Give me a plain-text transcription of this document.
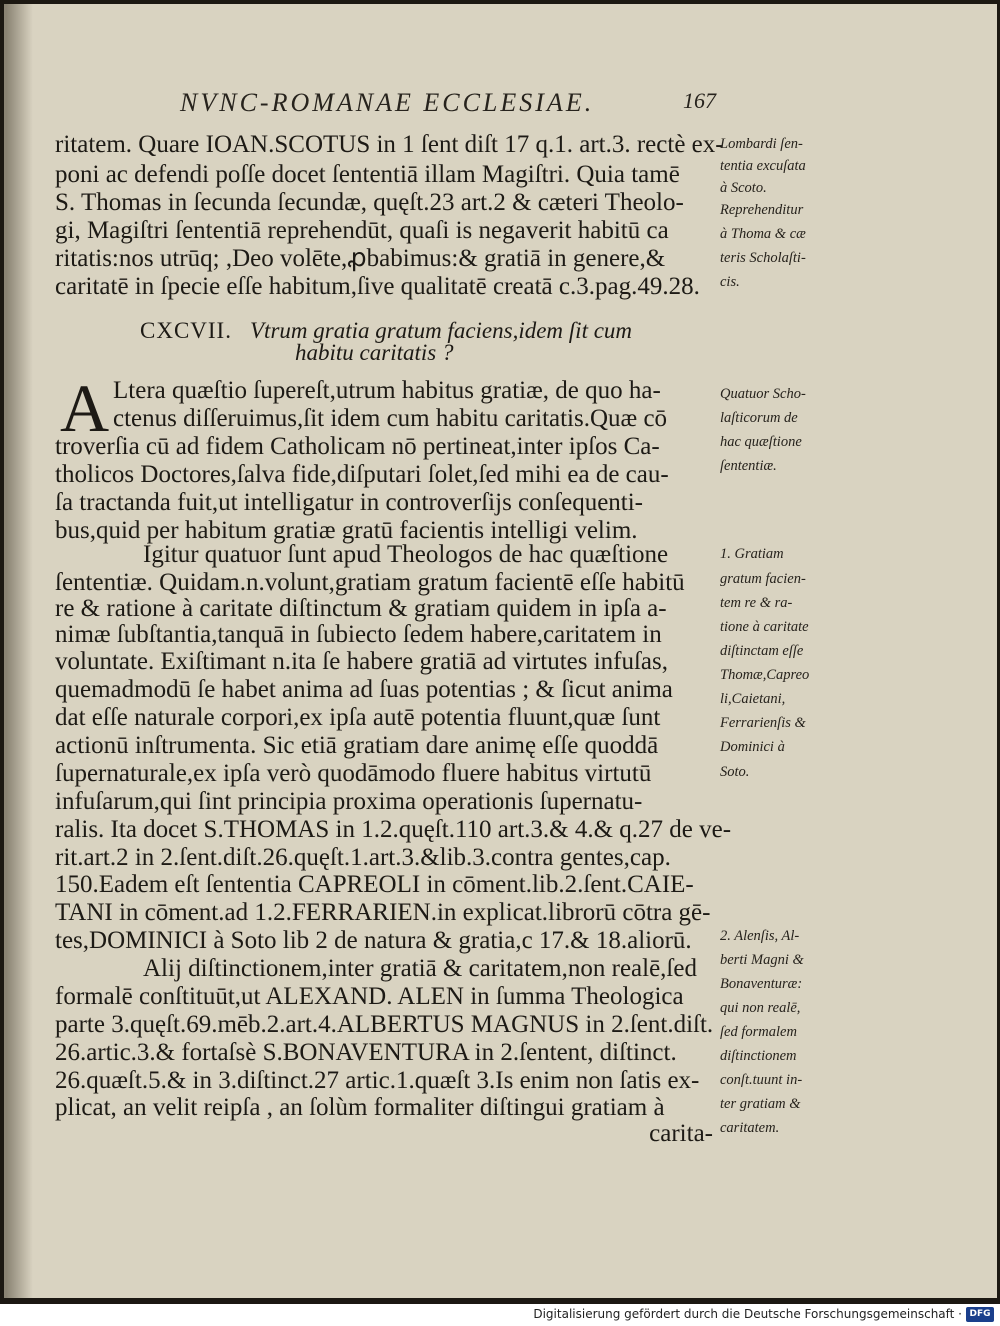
NVNC-ROMANAE ECCLESIAE.	167
CXCVII. Vtrum gratia gratum faciens,idem ſit cum
habitu caritatis ?
A
ritatem. Quare IOAN.SCOTUS in 1 ſent diſt 17 q.1. art.3. rectè ex-
poni ac defendi poſſe docet ſententiā illam Magiſtri. Quia tamē
S. Thomas in ſecunda ſecundæ, quęſt.23 art.2 & cæteri Theolo-
gi, Magiſtri ſententiā reprehendūt, quaſi is negaverit habitū ca
ritatis:nos utrūq; ,Deo volēte,ꝓbabimus:& gratiā in genere,&
caritatē in ſpecie eſſe habitum,ſive qualitatē creatā c.3.pag.49.28.
Ltera quæſtio ſupereſt,utrum habitus gratiæ, de quo ha-
ctenus diſſeruimus,ſit idem cum habitu caritatis.Quæ cō
troverſia cū ad fidem Catholicam nō pertineat,inter ipſos Ca-
tholicos Doctores,ſalva fide,diſputari ſolet,ſed mihi ea de cau-
ſa tractanda fuit,ut intelligatur in controverſijs conſequenti-
bus,quid per habitum gratiæ gratū facientis intelligi velim.
Igitur quatuor ſunt apud Theologos de hac quæſtione
ſententiæ. Quidam.n.volunt,gratiam gratum facientē eſſe habitū
re & ratione à caritate diſtinctum & gratiam quidem in ipſa a-
nimæ ſubſtantia,tanquā in ſubiecto ſedem habere,caritatem in
voluntate. Exiſtimant n.ita ſe habere gratiā ad virtutes infuſas,
quemadmodū ſe habet anima ad ſuas potentias ; & ſicut anima
dat eſſe naturale corpori,ex ipſa autē potentia fluunt,quæ ſunt
actionū inſtrumenta. Sic etiā gratiam dare animę eſſe quoddā
ſupernaturale,ex ipſa verò quodāmodo fluere habitus virtutū
infuſarum,qui ſint principia proxima operationis ſupernatu-
ralis. Ita docet S.THOMAS in 1.2.quęſt.110 art.3.& 4.& q.27 de ve-
rit.art.2 in 2.ſent.diſt.26.quęſt.1.art.3.&lib.3.contra gentes,cap.
150.Eadem eſt ſententia CAPREOLI in cōment.lib.2.ſent.CAIE-
TANI in cōment.ad 1.2.FERRARIEN.in explicat.librorū cōtra gē-
tes,DOMINICI à Soto lib 2 de natura & gratia,c 17.& 18.aliorū.
Alij diſtinctionem,inter gratiā & caritatem,non realē,ſed
formalē conſtituūt,ut ALEXAND. ALEN in ſumma Theologica
parte 3.quęſt.69.mēb.2.art.4.ALBERTUS MAGNUS in 2.ſent.diſt.
26.artic.3.& fortaſsè S.BONAVENTURA in 2.ſentent, diſtinct.
26.quæſt.5.& in 3.diſtinct.27 artic.1.quæſt 3.Is enim non ſatis ex-
plicat, an velit reipſa , an ſolùm formaliter diſtingui gratiam à
carita-
Lombardi ſen-
tentia excuſata
à Scoto.
Reprehenditur
à Thoma & cæ
teris Scholaſti-
cis.
Quatuor Scho-
laſticorum de
hac quæſtione
ſententiæ.
1. Gratiam
gratum facien-
tem re & ra-
tione à caritate
diſtinctam eſſe
Thomæ,Capreo
li,Caietani,
Ferrarienſis &
Dominici à
Soto.
2. Alenſis, Al-
berti Magni &
Bonaventuræ:
qui non realē,
ſed formalem
diſtinctionem
conſt.tuunt in-
ter gratiam &
caritatem.
Digitalisierung gefördert durch die Deutsche Forschungsgemeinschaft · DFG
